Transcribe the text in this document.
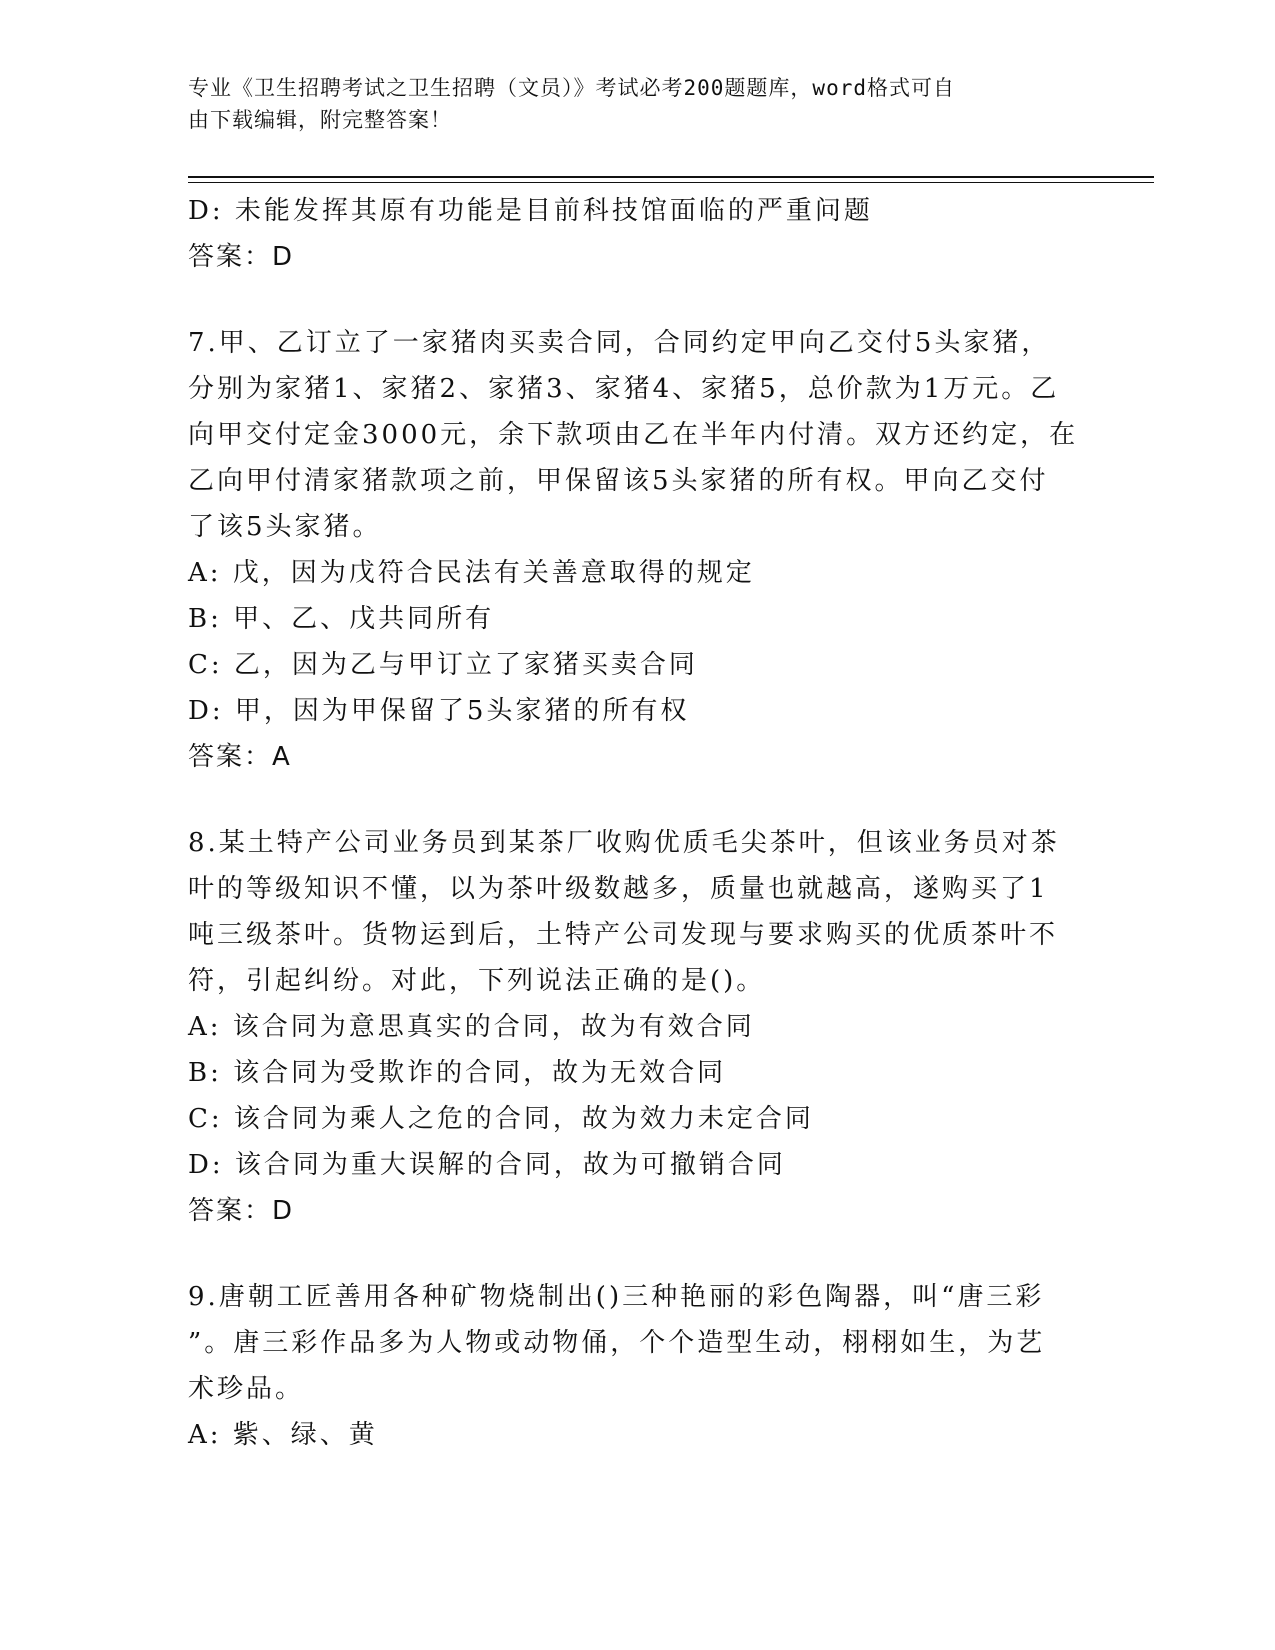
专业《卫生招聘考试之卫生招聘（文员）》考试必考200题题库，word格式可自
由下载编辑，附完整答案！
D: 未能发挥其原有功能是目前科技馆面临的严重问题
答案：D
7.甲、乙订立了一家猪肉买卖合同，合同约定甲向乙交付5头家猪，
分别为家猪1、家猪2、家猪3、家猪4、家猪5，总价款为1万元。乙
向甲交付定金3000元，余下款项由乙在半年内付清。双方还约定，在
乙向甲付清家猪款项之前，甲保留该5头家猪的所有权。甲向乙交付
了该5头家猪。
A: 戊，因为戊符合民法有关善意取得的规定
B: 甲、乙、戊共同所有
C: 乙，因为乙与甲订立了家猪买卖合同
D: 甲，因为甲保留了5头家猪的所有权
答案：A
8.某土特产公司业务员到某茶厂收购优质毛尖茶叶，但该业务员对茶
叶的等级知识不懂，以为茶叶级数越多，质量也就越高，遂购买了1
吨三级茶叶。货物运到后，土特产公司发现与要求购买的优质茶叶不
符，引起纠纷。对此，下列说法正确的是()。
A: 该合同为意思真实的合同，故为有效合同
B: 该合同为受欺诈的合同，故为无效合同
C: 该合同为乘人之危的合同，故为效力未定合同
D: 该合同为重大误解的合同，故为可撤销合同
答案：D
9.唐朝工匠善用各种矿物烧制出()三种艳丽的彩色陶器，叫“唐三彩
”。唐三彩作品多为人物或动物俑，个个造型生动，栩栩如生，为艺
术珍品。
A: 紫、绿、黄
